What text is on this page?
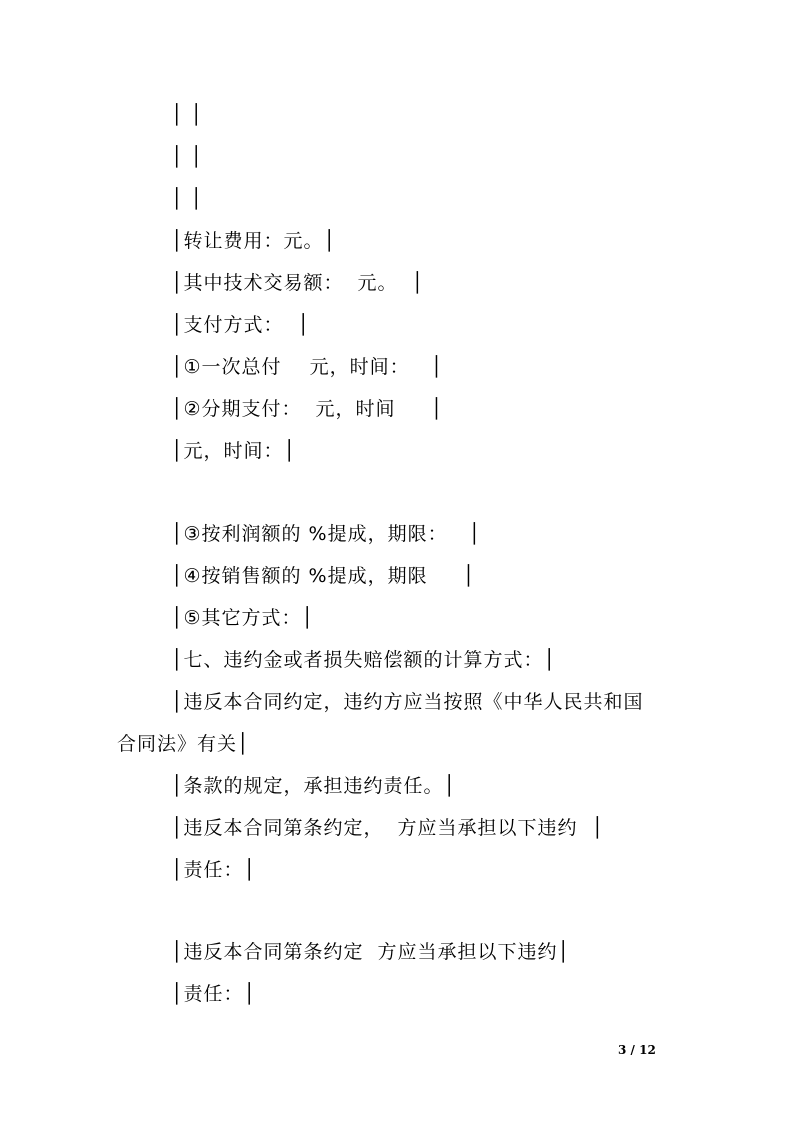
│ │
│ │
│ │
│转让费用：元。│
│其中技术交易额：  元。  │
│支付方式：  │
│①一次总付    元，时间：   │
│②分期支付：  元，时间     │
│元，时间：│
│③按利润额的 %提成，期限：   │
│④按销售额的 %提成，期限     │
│⑤其它方式：│
│七、违约金或者损失赔偿额的计算方式：│
│违反本合同约定，违约方应当按照《中华人民共和国
合同法》有关│
│条款的规定，承担违约责任。│
│违反本合同第条约定，  方应当承担以下违约  │
│责任：│
│违反本合同第条约定  方应当承担以下违约│
│责任：│
3 / 12
